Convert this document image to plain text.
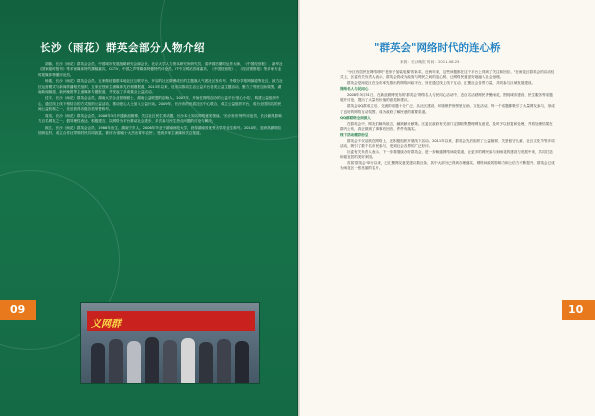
长沙（雨花）群英会部分人物介绍

胡蓉，长沙（雨花）群英会会员，中国城市发展战略研究会副会长，北京大学人力资本研究所研究员，清华园后期时运作大师，《中国经营报》、新华社《国家级时报刊》等多家媒体特约撰稿嘉宾，CCTV、中国之声等媒体特邀特约评论员，IT中文网站首席嘉宾，《中国经营报》、《经济观察报》等多家专业时报媒体特邀评论员。

杨重，长沙（雨花）群英会会员，五家微信通联本地社区互联平台，开启的社区微博成长的主题旗人气团社区发布号、外联分享报网频道等社区，致力社区运营模式与新闻传播相关组织，五家正独家主流媒体先后相继报道，2013年以来，杜市以推动生活公益平台各类公益主题活动，聚力了邻里互助氛围，湖南新闻频道、新民晚报等主流媒体专题报道，并发起了多项重点公益活动。

佳宇，长沙（雨花）群英会会员，湖南大学企业管理硕士，湖南公益联盟的创始人。2007年，开始在网络创办的公益平台'爱心小站'，构建公益组织中心，通过线上线下相结合的方式组织公益活动，推动爱心人士加入公益行动。2009年，长沙市的优质社区中心联合，成立公益组织平台，成为全国知名的民间公益机构之一，先后获得各级各类荣誉称号。

周岚，长沙（雨花）群英会会员，2008年3月开通新浪微博，关注社区民生类话题，长沙本土知名网络意见领袖，'长沙发布'特约评论员，长沙最具影响力百名网友之一，倡导理性表达、积极建言，以网络为平台推动社会进步，多次参与民生热点问题的讨论与解决。

欧江，长沙（雨花）群英会会员，1986年出生，湖南宁乡人。2006年毕业于湖南师范大学，获得湖南省优秀大学毕业生称号。2010年，放弃高薪职位回到农村，成立合作社带领村民共同致富，被评为'湖南十大杰出青年农民'，受到多家主流媒体关注报道。

义网群
09
"群英会"网络时代的连心桥
来源：长沙晚报 时间：2011-08-25

"小区有居民在网络呼吁'老房子加装电梯'的诉求，近两年来，这些问题都在这个平台上得到了关注和回应。"在雨花区群英会的启动仪式上，区委有关负责人表示，群英会将成为政府与网民之间的连心桥，让网络民意更好地融入社会治理。

群英会是雨花区在全市率先推出的网络问政平台，旨在通过线上线下互动，汇聚社会各界力量，共同参与区域发展建设。

网络名人与民同心

2008年3月31日，在新浪微博发布的'群英会'网络名人与民同心活动中，近百名活跃网民齐聚雨花，围绕城市建设、民生服务等话题展开讨论，提出了大量有价值的意见和建议。

群英会QQ群成立后，交流的话题十分广泛，从社区建设、环境保护到邻里互助、文化活动，每一个话题都吸引了大量网友参与，形成了良好的网络互动氛围，成为政府了解民意的重要渠道。

QQ群联络全面深入

在群英会中，网友们畅所欲言，踊跃献计献策。区委区政府有关部门定期收集整理网友意见，及时予以回复和处理，并将处理结果在群内公布，真正做到了事事有回音、件件有落实。

线下活动精彩纷呈

群英会不仅活跃在网络上，还积极组织开展线下活动。2011年以来，群英会先后组织了公益植树、关爱留守儿童、社区文化节等多项活动，吸引了数千名市民参与，受到社会各界的广泛好评。

区委有关负责人表示，下一步将继续办好群英会，进一步畅通网络问政渠道，让更多的网民参与到雨花的建设与发展中来，共同打造和谐宜居的美好家园。

首届'群英会'举行以来，已汇聚网友意见建议数百条，其中大部分已得到办理落实，网络问政的影响力和公信力不断提升，群英会已成为雨花区一张亮丽的名片。

10
